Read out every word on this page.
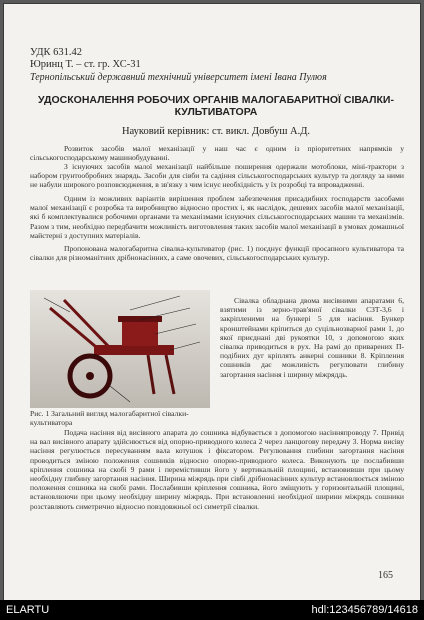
УДК 631.42
Юринц Т. – ст. гр. ХС-31
Тернопільський державний технічний університет імені Івана Пулюя
УДОСКОНАЛЕННЯ РОБОЧИХ ОРГАНІВ МАЛОГАБАРИТНОЇ СІВАЛКИ-КУЛЬТИВАТОРА
Науковий керівник: ст. викл. Довбуш А.Д.
Розвиток засобів малої механізації у наш час є одним із пріоритетних напрямків у сільськогосподарському машинобудуванні.
З існуючих засобів малої механізації найбільше поширення одержали мотоблоки, міні-трактори з набором грунтообробних знарядь. Засоби для сівби та садіння сільськогосподарських культур та догляду за ними не набули широкого розповсюдження, в зв'язку з чим існує необхідність у їх розробці та впровадженні.
Одним із можливих варіантів вирішення проблем забезпечення присадибних господарств засобами малої механізації є розробка та виробництво відносно простих і, як наслідок, дешевих засобів малої механізації, які б комплектувалися робочими органами та механізмами існуючих сільськогосподарських машин та механізмів. Разом з тим, необхідно передбачити можливість виготовлення таких засобів малої механізації в умовах домашньої майстерні з доступних матеріалів.
Пропонована малогабаритна сівалка-культиватор (рис. 1) поєднує функції просапного культиватора та сівалки для різноманітних дрібнонасінних, а саме овочевих, сільськогосподарських культур.
Сівалка обладнана двома висівними апаратами 6, взятими із зерно-трав'яної сівалки СЗТ-3,6 і закріпленими на бункері 5 для насіння. Бункер кронштейнами кріпиться до суцільнозварної рами 1, до якої приєднані дві рукоятки 10, з допомогою яких сівалка приводиться в рух. На рамі до приварених П-подібних дуг кріплять анкерні сошники 8. Кріплення сошників дає можливість регулювати глибину загортання насіння і ширину міжряддь.
Рис. 1 Загальний вигляд малогабаритної сівалки-культиватора
Подача насіння від висівного апарата до сошника відбувається з допомогою насінняпроводу 7. Привід на вал висівного апарату здійснюється від опорно-приводного колеса 2 через ланцюгову передачу 3. Норма висіву насіння регулюється пересуванням вала котушок і фіксатором. Регулювання глибини загортання насіння проводиться зміною положення сошників відносно опорно-приводного колеса. Виконують це послабивши кріплення сошника на скобі 9 рами і перемістивши його у вертикальній площині, встановивши при цьому необхідну глибину загортання насіння. Ширина міжрядь при сівбі дрібнонасінних культур встановлюється зміною положення сошника на скобі рами. Послабивши кріплення сошника, його зміщують у горизонтальній площині, встановлюючи при цьому необхідну ширину міжрядь. При встановленні необхідної ширини міжрядь сошники розставляють симетрично відносно повздовжньої осі симетрії сівалки.
165
ELARTU	hdl:123456789/14618
